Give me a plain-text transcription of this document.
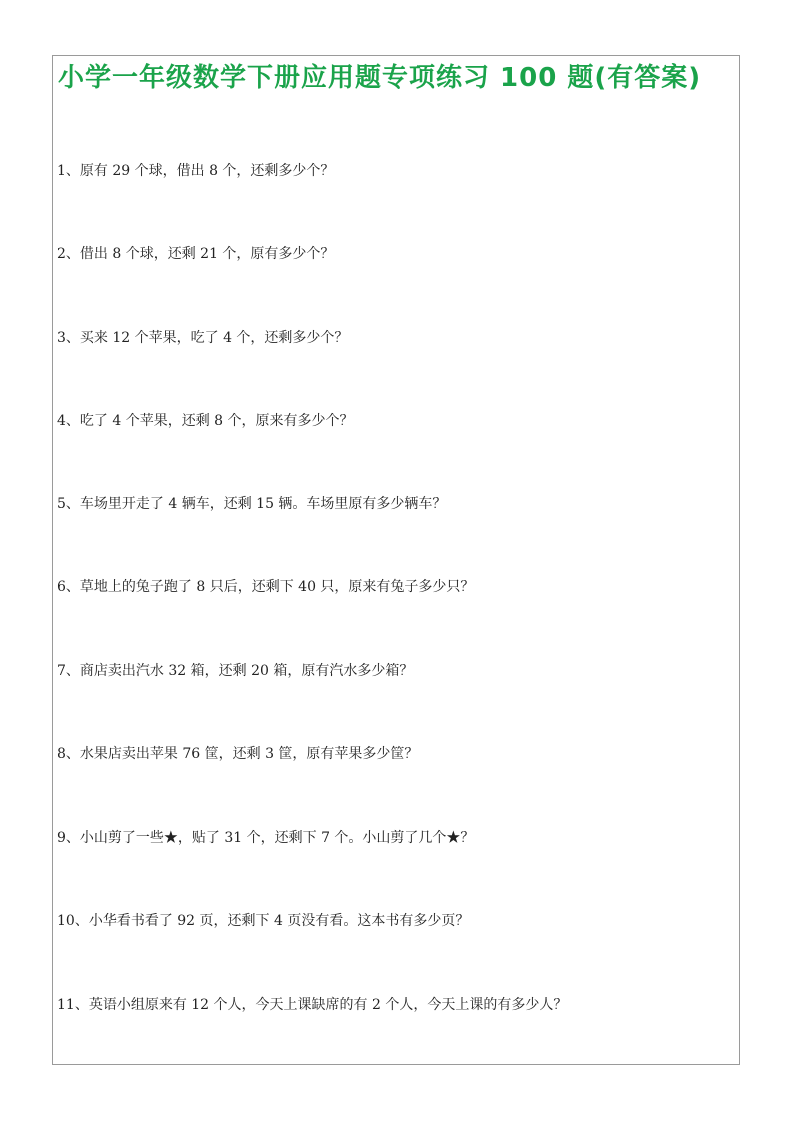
小学一年级数学下册应用题专项练习 100 题(有答案)
1、原有 29 个球，借出 8 个，还剩多少个？
2、借出 8 个球，还剩 21 个，原有多少个？
3、买来 12 个苹果，吃了 4 个，还剩多少个？
4、吃了 4 个苹果，还剩 8 个，原来有多少个？
5、车场里开走了 4 辆车，还剩 15 辆。车场里原有多少辆车？
6、草地上的兔子跑了 8 只后，还剩下 40 只，原来有兔子多少只？
7、商店卖出汽水 32 箱，还剩 20 箱，原有汽水多少箱？
8、水果店卖出苹果 76 筐，还剩 3 筐，原有苹果多少筐？
9、小山剪了一些★，贴了 31 个，还剩下 7 个。小山剪了几个★？
10、小华看书看了 92 页，还剩下 4 页没有看。这本书有多少页？
11、英语小组原来有 12 个人，今天上课缺席的有 2 个人，今天上课的有多少人？
